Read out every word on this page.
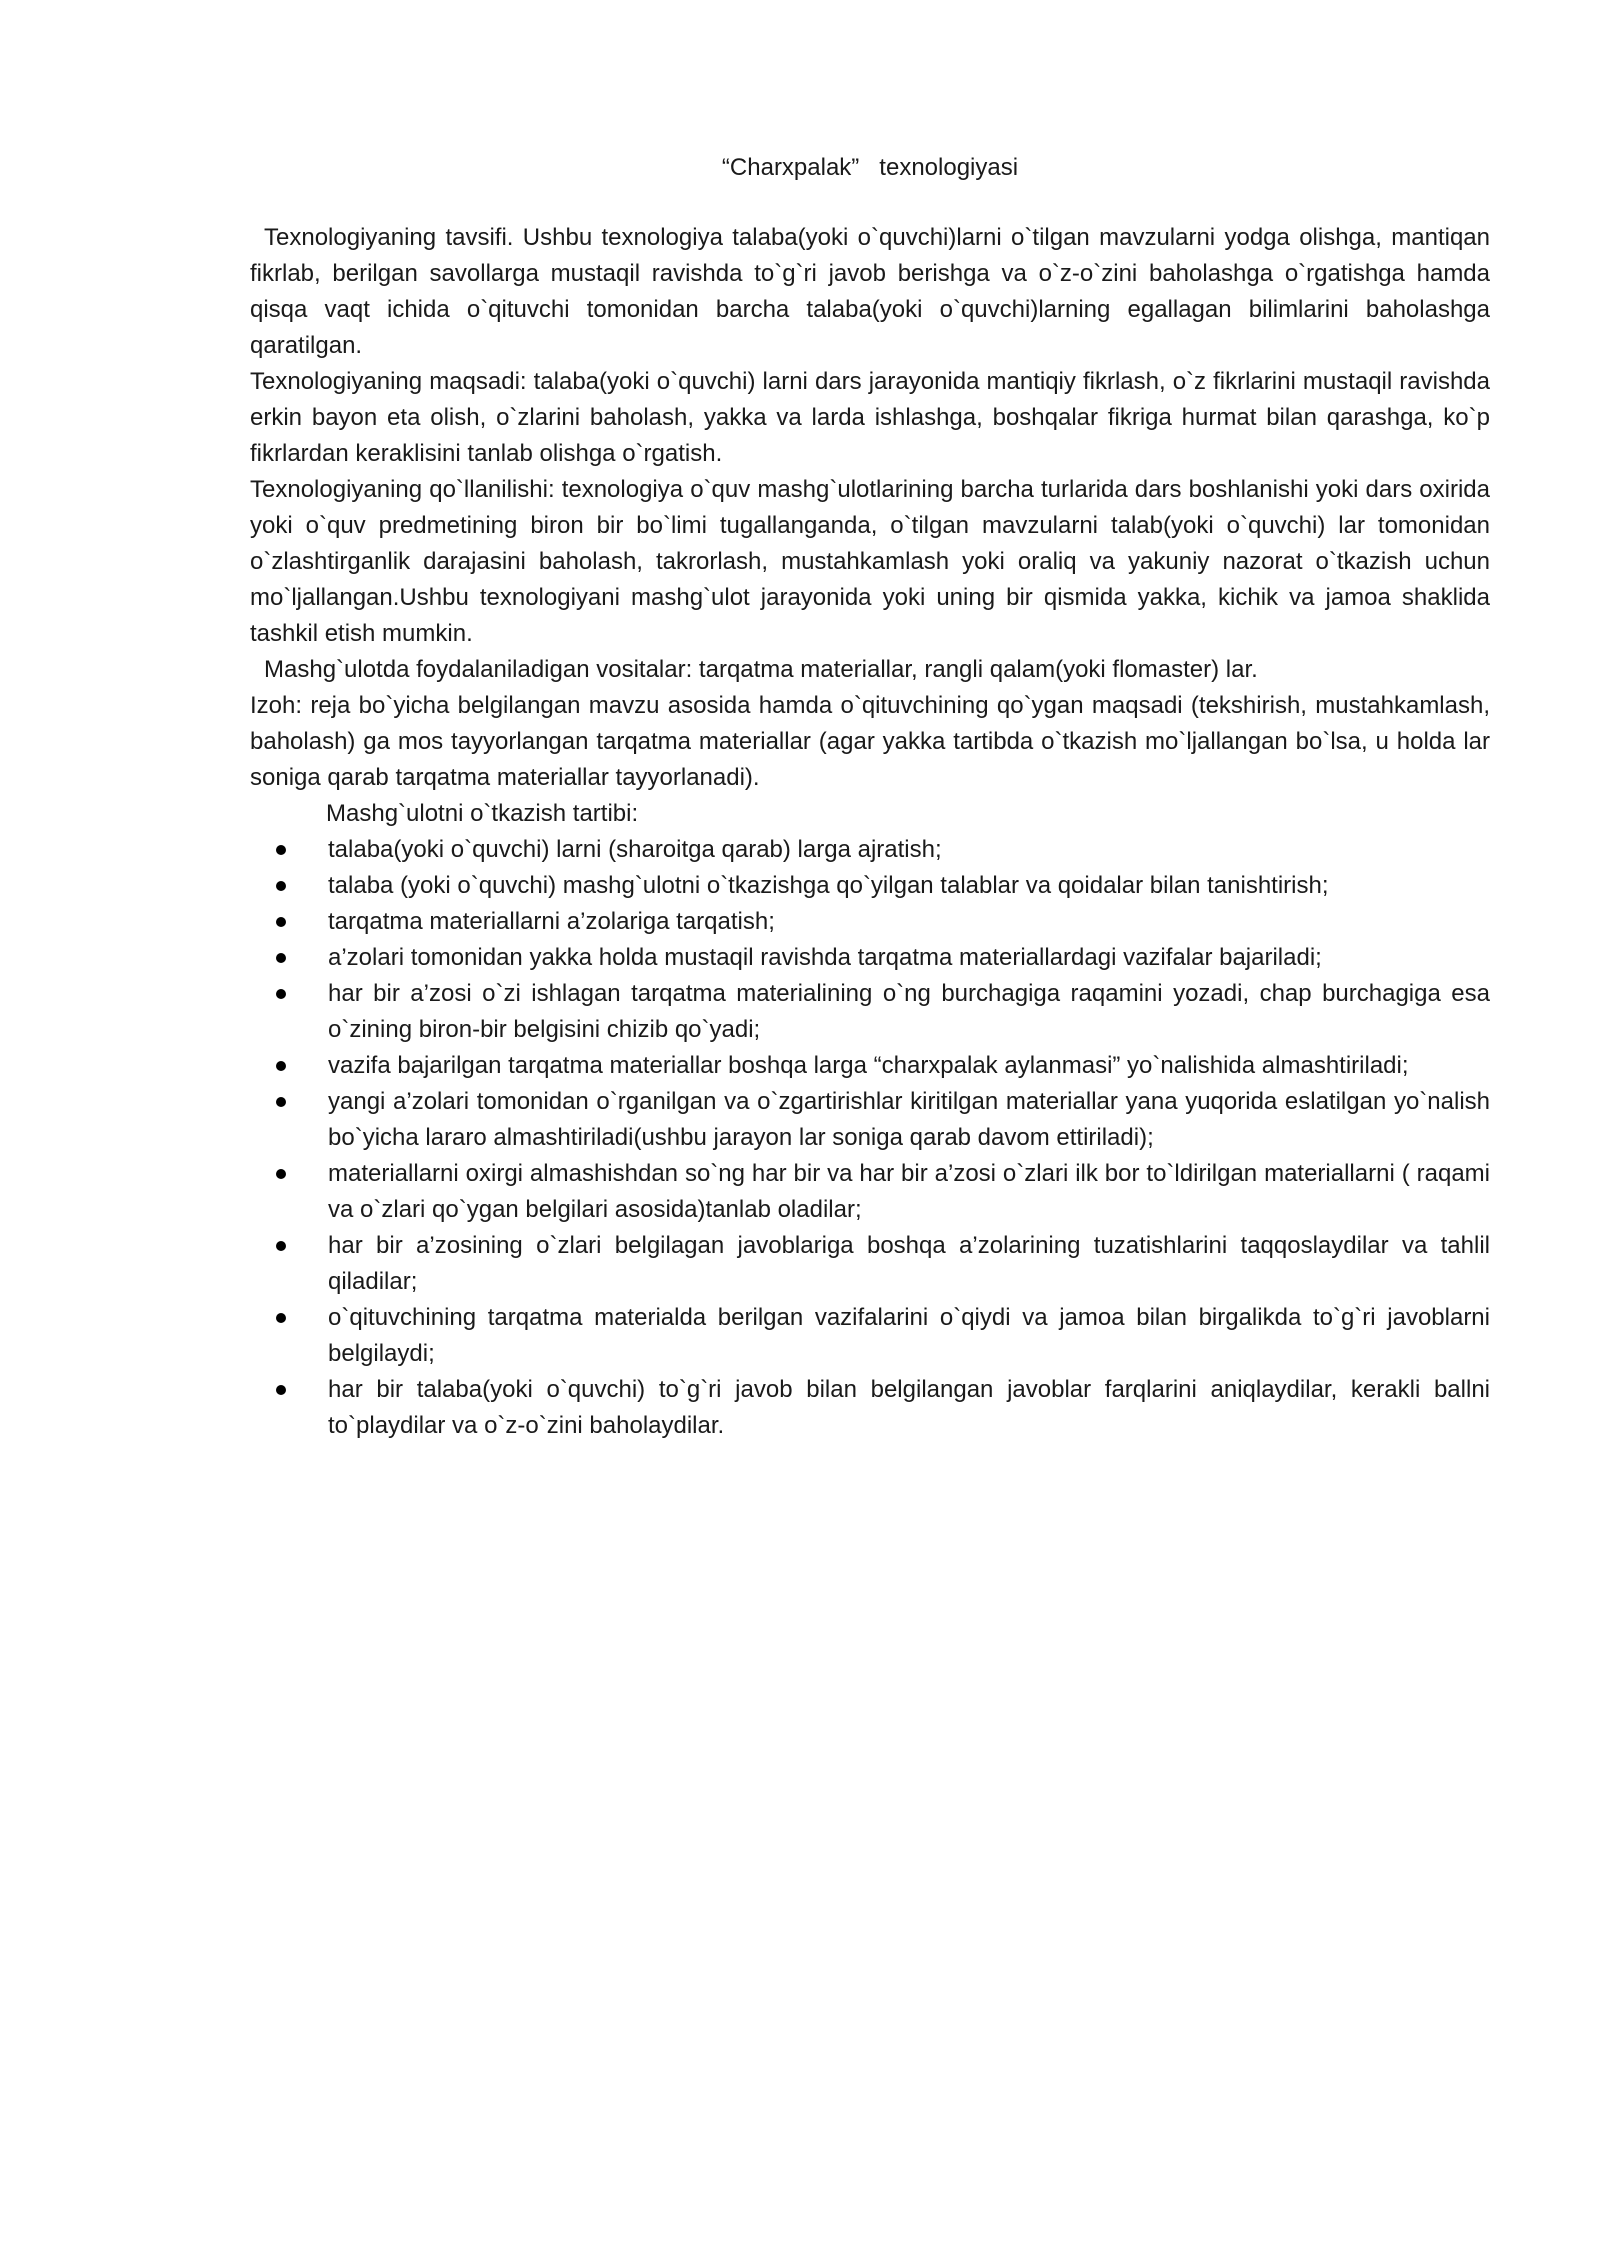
“Charxpalak”   texnologiyasi

Texnologiyaning tavsifi. Ushbu texnologiya talaba(yoki o`quvchi)larni o`tilgan mavzularni yodga olishga, mantiqan fikrlab, berilgan savollarga mustaqil ravishda to`g`ri javob berishga va o`z-o`zini baholashga o`rgatishga hamda qisqa vaqt ichida o`qituvchi tomonidan barcha talaba(yoki o`quvchi)larning egallagan bilimlarini baholashga qaratilgan.

Texnologiyaning maqsadi: talaba(yoki o`quvchi) larni dars jarayonida mantiqiy fikrlash, o`z fikrlarini mustaqil ravishda erkin bayon eta olish, o`zlarini baholash, yakka va larda ishlashga, boshqalar fikriga hurmat bilan qarashga, ko`p fikrlardan keraklisini tanlab olishga o`rgatish.

Texnologiyaning qo`llanilishi: texnologiya o`quv mashg`ulotlarining barcha turlarida dars boshlanishi yoki dars oxirida yoki o`quv predmetining biron bir bo`limi tugallanganda, o`tilgan mavzularni talab(yoki o`quvchi) lar tomonidan o`zlashtirganlik darajasini baholash, takrorlash, mustahkamlash yoki oraliq va yakuniy nazorat o`tkazish uchun mo`ljallangan.Ushbu texnologiyani mashg`ulot jarayonida yoki uning bir qismida yakka, kichik va jamoa shaklida tashkil etish mumkin.

Mashg`ulotda foydalaniladigan vositalar: tarqatma materiallar, rangli qalam(yoki flomaster) lar.

Izoh: reja bo`yicha belgilangan mavzu asosida hamda o`qituvchining qo`ygan maqsadi (tekshirish, mustahkamlash, baholash) ga mos tayyorlangan tarqatma materiallar (agar yakka tartibda o`tkazish mo`ljallangan bo`lsa, u holda lar soniga qarab tarqatma materiallar tayyorlanadi).

Mashg`ulotni o`tkazish tartibi:

talaba(yoki o`quvchi) larni (sharoitga qarab) larga ajratish;
talaba (yoki o`quvchi) mashg`ulotni o`tkazishga qo`yilgan talablar va qoidalar bilan tanishtirish;
tarqatma materiallarni a’zolariga tarqatish;
a’zolari tomonidan yakka holda mustaqil ravishda tarqatma materiallardagi vazifalar bajariladi;
har bir a’zosi o`zi ishlagan tarqatma materialining o`ng burchagiga raqamini yozadi, chap burchagiga esa o`zining biron-bir belgisini chizib qo`yadi;
vazifa bajarilgan tarqatma materiallar boshqa larga “charxpalak aylanmasi” yo`nalishida almashtiriladi;
yangi a’zolari tomonidan o`rganilgan va o`zgartirishlar kiritilgan materiallar yana yuqorida eslatilgan yo`nalish bo`yicha lararo almashtiriladi(ushbu jarayon lar soniga qarab davom ettiriladi);
materiallarni oxirgi almashishdan so`ng har bir va har bir a’zosi o`zlari ilk bor to`ldirilgan materiallarni ( raqami va o`zlari qo`ygan belgilari asosida)tanlab oladilar;
har bir a’zosining o`zlari belgilagan javoblariga boshqa a’zolarining tuzatishlarini taqqoslaydilar va tahlil qiladilar;
o`qituvchining tarqatma materialda berilgan vazifalarini o`qiydi va jamoa bilan birgalikda to`g`ri javoblarni belgilaydi;
har bir talaba(yoki o`quvchi) to`g`ri javob bilan belgilangan javoblar farqlarini aniqlaydilar, kerakli ballni to`playdilar va o`z-o`zini baholaydilar.
